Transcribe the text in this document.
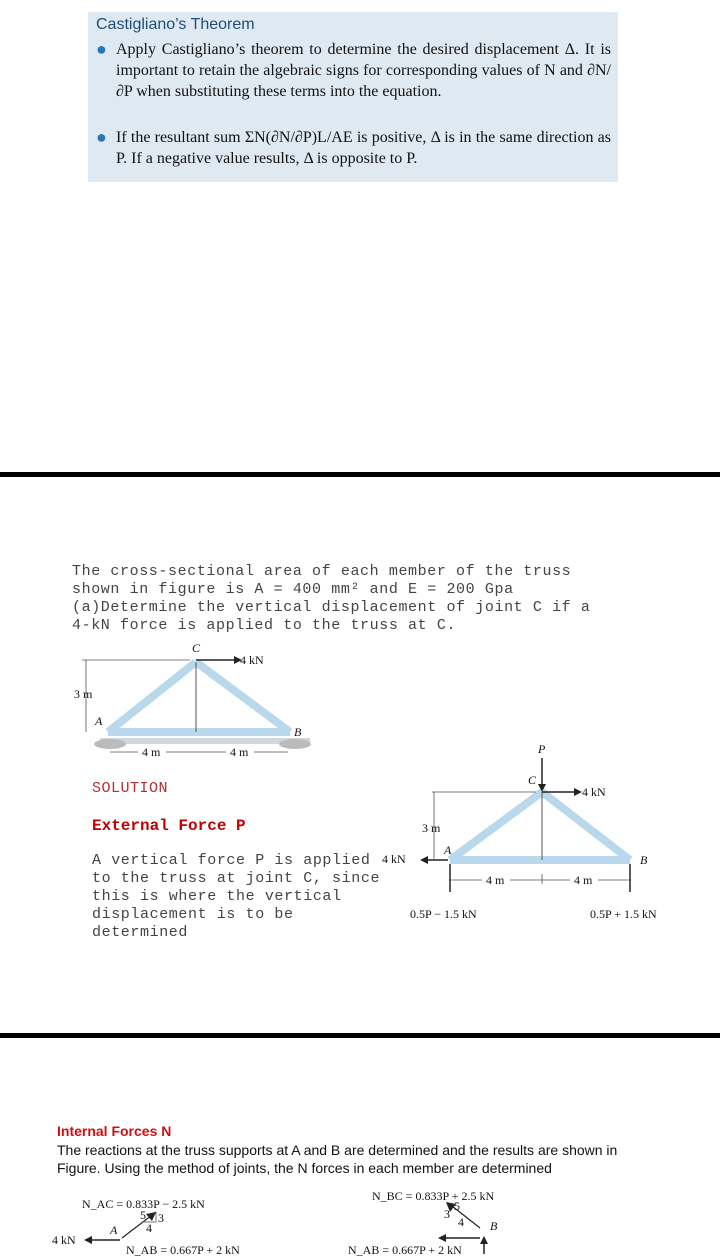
Castigliano’s Theorem
● Apply Castigliano’s theorem to determine the desired displacement Δ. It is important to retain the algebraic signs for corresponding values of N and ∂N/∂P when substituting these terms into the equation.
● If the resultant sum ΣN(∂N/∂P)L/AE is positive, Δ is in the same direction as P. If a negative value results, Δ is opposite to P.
The cross-sectional area of each member of the truss shown in figure is A = 400 mm² and E = 200 Gpa (a)Determine the vertical displacement of joint C if a 4-kN force is applied to the truss at C.
4 kN
C
A
B
3 m
4 m	4 m
SOLUTION
External Force P
A vertical force P is applied to the truss at joint C, since this is where the vertical displacement is to be determined
P
C
4 kN
4 kN
A
B
3 m
4 m	4 m
0.5P − 1.5 kN	0.5P + 1.5 kN
Internal Forces N
The reactions at the truss supports at A and B are determined and the results are shown in Figure. Using the method of joints, the N forces in each member are determined
N_AC = 0.833P − 2.5 kN
5 3
4
A
4 kN
N_AB = 0.667P + 2 kN
N_BC = 0.833P + 2.5 kN
3
5
4 B
N_AB = 0.667P + 2 kN
